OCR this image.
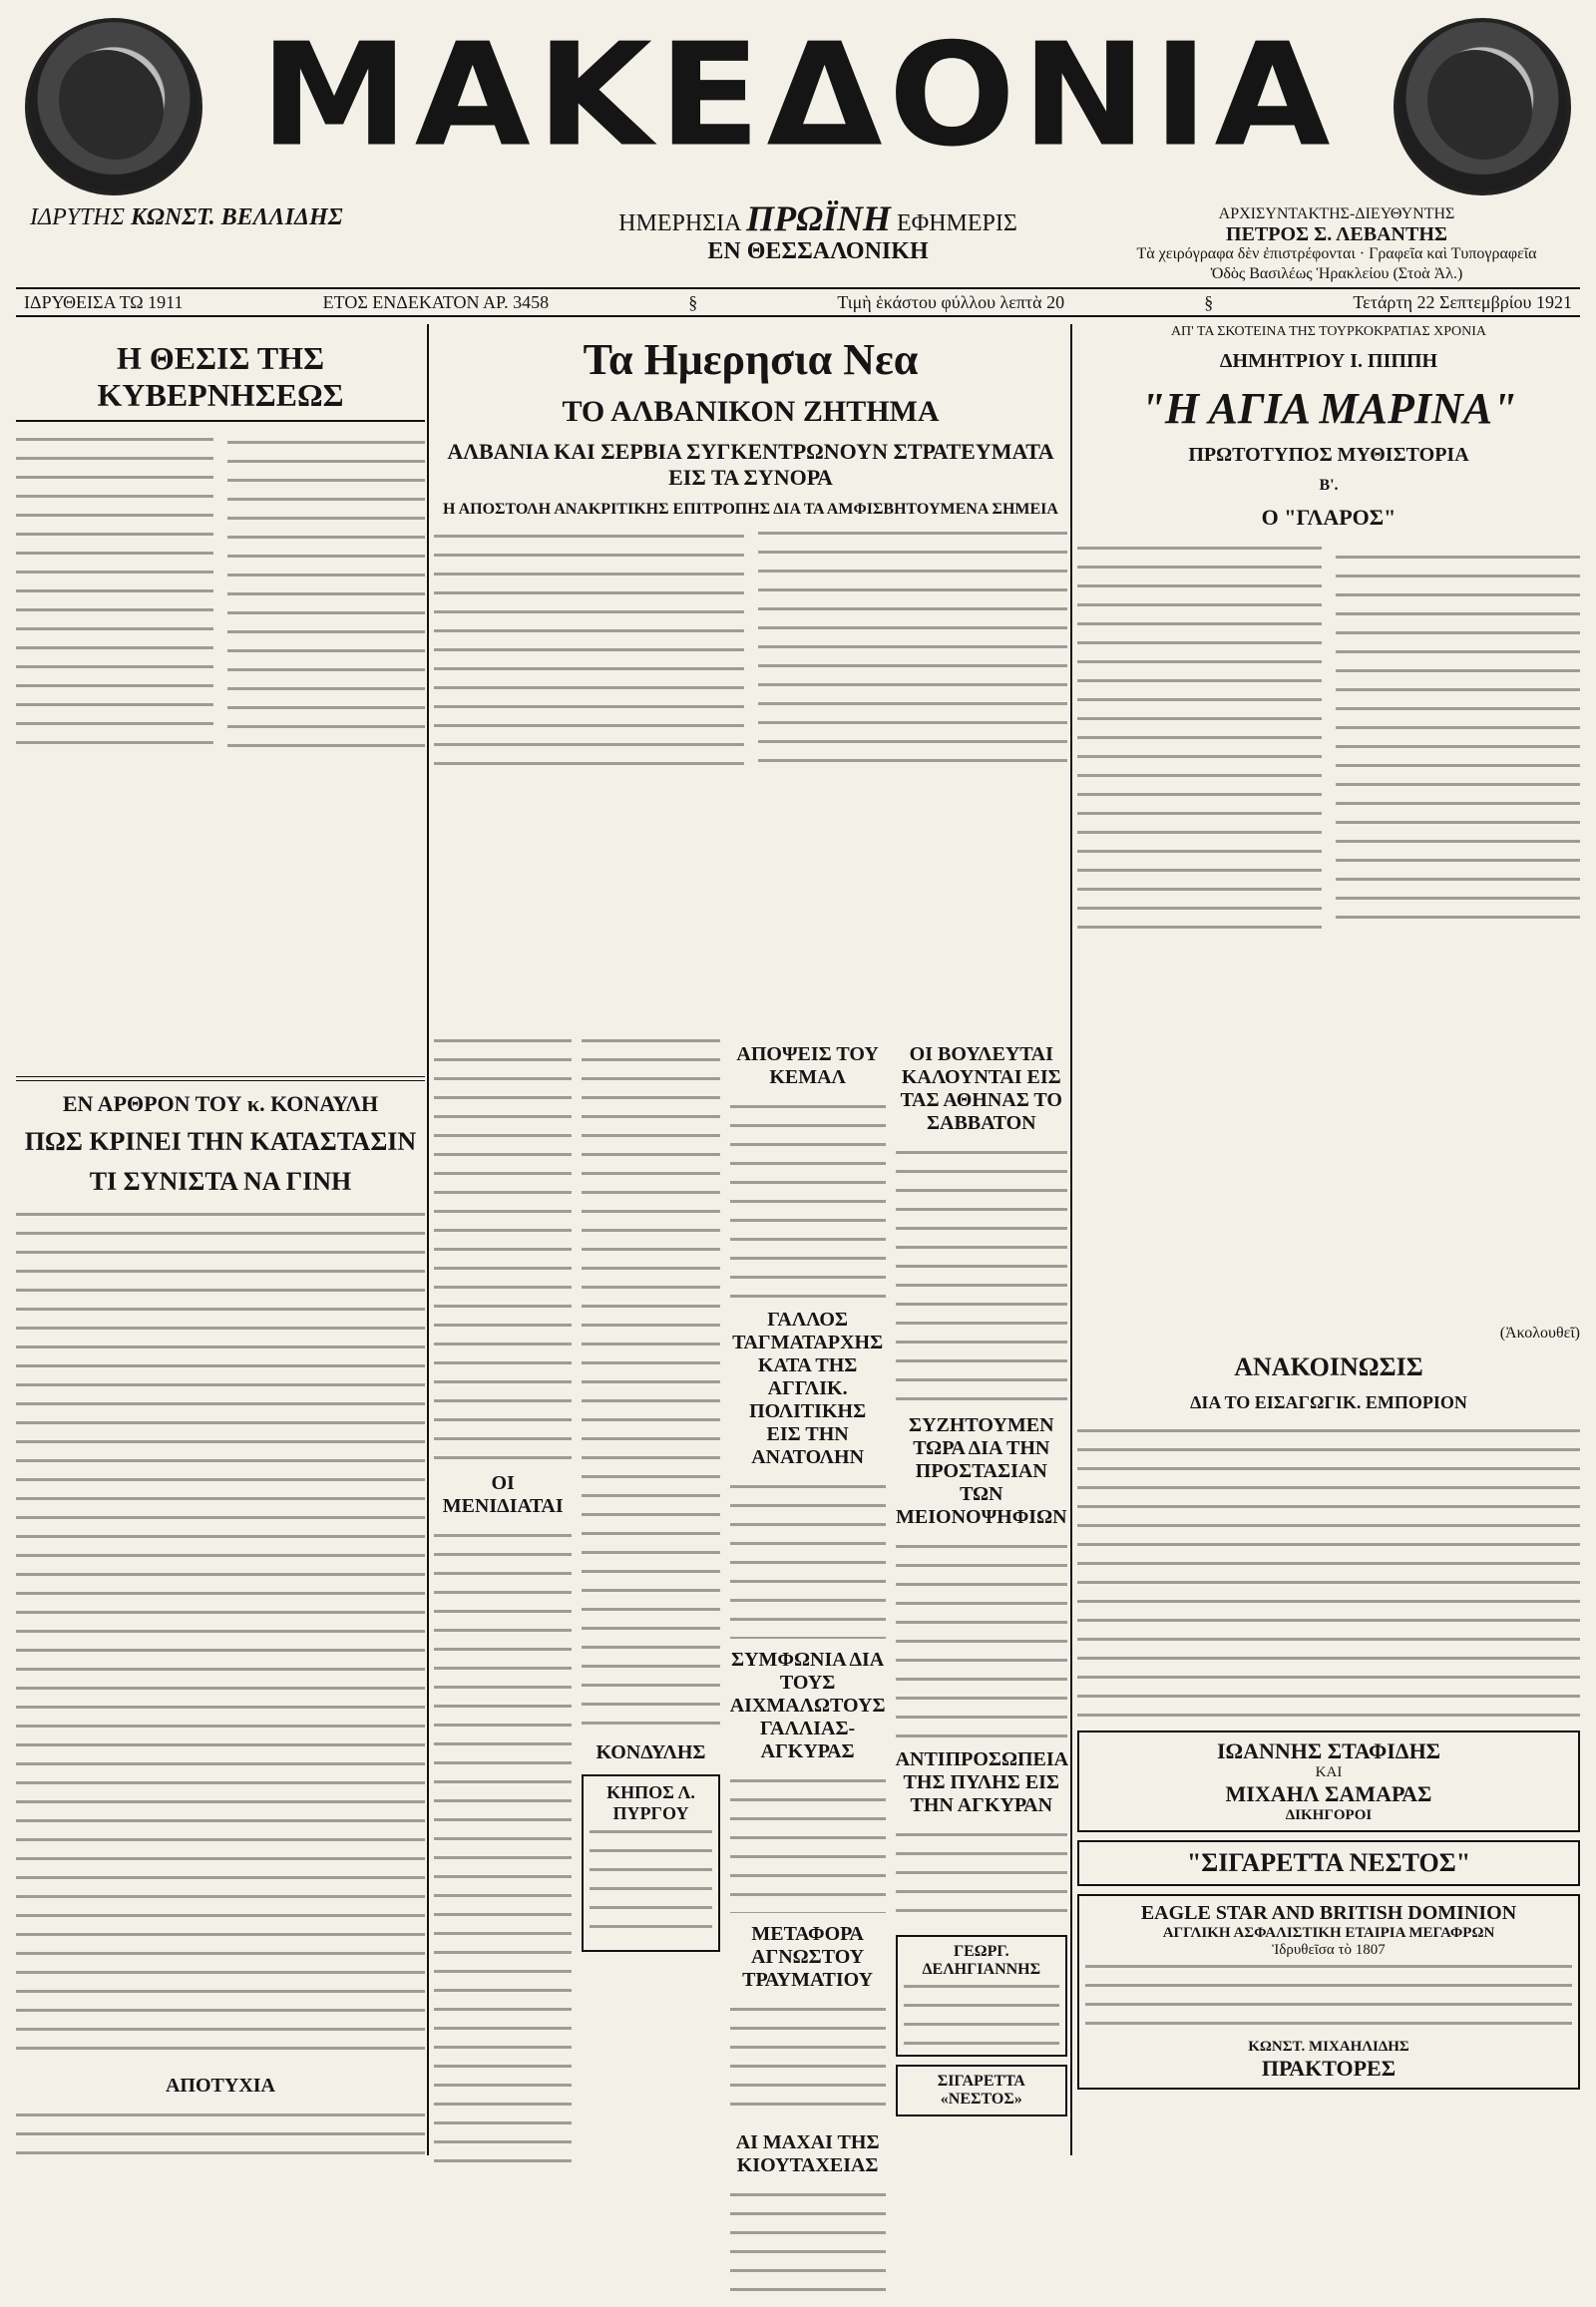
ΜΑΚΕΔΟΝΙΑ
ΙΔΡΥΤΗΣ ΚΩΝΣΤ. ΒΕΛΛΙΔΗΣ	ΗΜΕΡΗΣΙΑ ΠΡΩΪΝΗ ΕΦΗΜΕΡΙΣ
ΕΝ ΘΕΣΣΑΛΟΝΙΚΗ
ΑΡΧΙΣΥΝΤΑΚΤΗΣ-ΔΙΕΥΘΥΝΤΗΣ
ΠΕΤΡΟΣ Σ. ΛΕΒΑΝΤΗΣ
Τὰ χειρόγραφα δὲν ἐπιστρέφονται · Γραφεῖα καὶ Τυπογραφεῖα
Ὁδὸς Βασιλέως Ἡρακλείου (Στοὰ Ἀλ.)
ΙΔΡΥΘΕΙΣΑ ΤΩ 1911	ΕΤΟΣ ΕΝΔΕΚΑΤΟΝ ΑΡ. 3458	§	Τιμὴ ἑκάστου φύλλου λεπτὰ 20	§	Τετάρτη 22 Σεπτεμβρίου 1921
Η ΘΕΣΙΣ ΤΗΣ ΚΥΒΕΡΝΗΣΕΩΣ
ΕΝ ΑΡΘΡΟΝ ΤΟΥ κ. ΚΟΝΑΥΛΗ
ΠΩΣ ΚΡΙΝΕΙ ΤΗΝ ΚΑΤΑΣΤΑΣΙΝ
ΤΙ ΣΥΝΙΣΤΑ ΝΑ ΓΙΝΗ
ΑΠΟΤΥΧΙΑ
Τα Ημερησια Νεα
ΤΟ ΑΛΒΑΝΙΚΟΝ ΖΗΤΗΜΑ
ΑΛΒΑΝΙΑ ΚΑΙ ΣΕΡΒΙΑ ΣΥΓΚΕΝΤΡΩΝΟΥΝ ΣΤΡΑΤΕΥΜΑΤΑ ΕΙΣ ΤΑ ΣΥΝΟΡΑ
Η ΑΠΟΣΤΟΛΗ ΑΝΑΚΡΙΤΙΚΗΣ ΕΠΙΤΡΟΠΗΣ ΔΙΑ ΤΑ ΑΜΦΙΣΒΗΤΟΥΜΕΝΑ ΣΗΜΕΙΑ
ΟΙ ΜΕΝΙΔΙΑΤΑΙ
ΚΟΝΔΥΛΗΣ
ΚΗΠΟΣ Λ. ΠΥΡΓΟΥ
ΑΠΟΨΕΙΣ ΤΟΥ ΚΕΜΑΛ
ΓΑΛΛΟΣ ΤΑΓΜΑΤΑΡΧΗΣ ΚΑΤΑ ΤΗΣ ΑΓΓΛΙΚ. ΠΟΛΙΤΙΚΗΣ ΕΙΣ ΤΗΝ ΑΝΑΤΟΛΗΝ
ΣΥΜΦΩΝΙΑ ΔΙΑ ΤΟΥΣ ΑΙΧΜΑΛΩΤΟΥΣ ΓΑΛΛΙΑΣ-ΑΓΚΥΡΑΣ
ΜΕΤΑΦΟΡΑ ΑΓΝΩΣΤΟΥ ΤΡΑΥΜΑΤΙΟΥ
ΑΙ ΜΑΧΑΙ ΤΗΣ ΚΙΟΥΤΑΧΕΙΑΣ
ΟΙ ΒΟΥΛΕΥΤΑΙ ΚΑΛΟΥΝΤΑΙ ΕΙΣ ΤΑΣ ΑΘΗΝΑΣ ΤΟ ΣΑΒΒΑΤΟΝ
ΣΥΖΗΤΟΥΜΕΝ ΤΩΡΑ ΔΙΑ ΤΗΝ ΠΡΟΣΤΑΣΙΑΝ ΤΩΝ ΜΕΙΟΝΟΨΗΦΙΩΝ
ΑΝΤΙΠΡΟΣΩΠΕΙΑ ΤΗΣ ΠΥΛΗΣ ΕΙΣ ΤΗΝ ΑΓΚΥΡΑΝ
ΓΕΩΡΓ. ΔΕΛΗΓΙΑΝΝΗΣ
ΣΙΓΑΡΕΤΤΑ «ΝΕΣΤΟΣ»
ΑΠ' ΤΑ ΣΚΟΤΕΙΝΑ ΤΗΣ ΤΟΥΡΚΟΚΡΑΤΙΑΣ ΧΡΟΝΙΑ
ΔΗΜΗΤΡΙΟΥ Ι. ΠΙΠΠΗ
"Η ΑΓΙΑ ΜΑΡΙΝΑ"
ΠΡΩΤΟΤΥΠΟΣ ΜΥΘΙΣΤΟΡΙΑ
Β'.
Ο "ΓΛΑΡΟΣ"
(Ἀκολουθεῖ)
ΑΝΑΚΟΙΝΩΣΙΣ
ΔΙΑ ΤΟ ΕΙΣΑΓΩΓΙΚ. ΕΜΠΟΡΙΟΝ
ΙΩΑΝΝΗΣ ΣΤΑΦΙΔΗΣ
ΚΑΙ
ΜΙΧΑΗΛ ΣΑΜΑΡΑΣ
ΔΙΚΗΓΟΡΟΙ
"ΣΙΓΑΡΕΤΤΑ ΝΕΣΤΟΣ"
EAGLE STAR AND BRITISH DOMINION
ΑΓΓΛΙΚΗ ΑΣΦΑΛΙΣΤΙΚΗ ΕΤΑΙΡΙΑ ΜΕΓΑΦΡΩΝ
Ἱδρυθεῖσα τὸ 1807
ΚΩΝΣΤ. ΜΙΧΑΗΛΙΔΗΣ
ΠΡΑΚΤΟΡΕΣ
